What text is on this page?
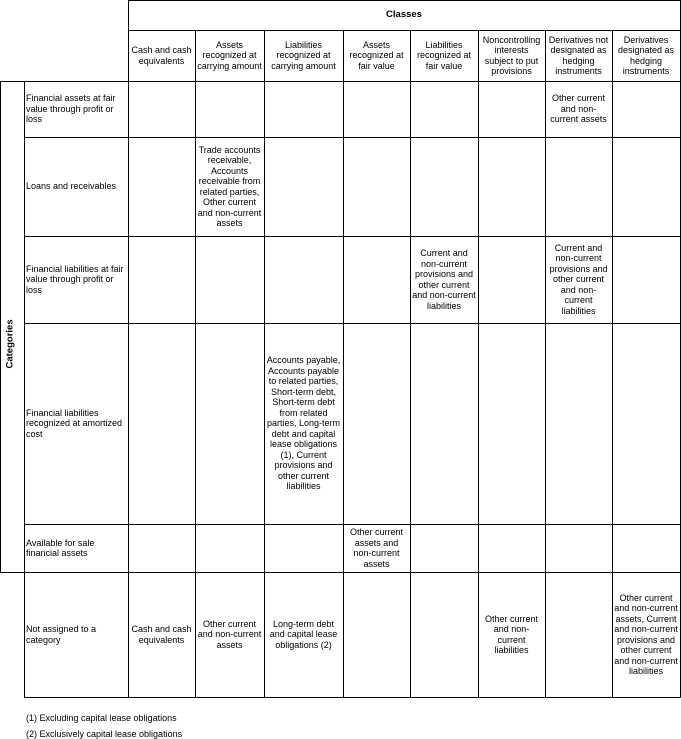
Classes
Categories
Cash and cash equivalents
Assets recognized at carrying amount
Liabilities recognized at carrying amount
Assets recognized at fair value
Liabilities recognized at fair value
Noncontrolling interests subject to put provisions
Derivatives not designated as hedging instruments
Derivatives designated as hedging instruments
Financial assets at fair value through profit or loss
Other current and non-current assets
Loans and receivables
Trade accounts receivable, Accounts receivable from related parties, Other current and non-current assets
Financial liabilities at fair value through profit or loss
Current and non-current provisions and other current and non-current liabilities
Current and non-current provisions and other current and non-current liabilities
Financial liabilities recognized at amortized cost
Accounts payable, Accounts payable to related parties, Short-term debt, Short-term debt from related parties, Long-term debt and capital lease obligations (1), Current provisions and other current liabilities
Available for sale financial assets
Other current assets and non-current assets
Not assigned to a category
Cash and cash equivalents
Other current and non-current assets
Long-term debt and capital lease obligations (2)
Other current and non-current liabilities
Other current and non-current assets, Current and non-current provisions and other current and non-current liabilities
(1) Excluding capital lease obligations
(2) Exclusively capital lease obligations
